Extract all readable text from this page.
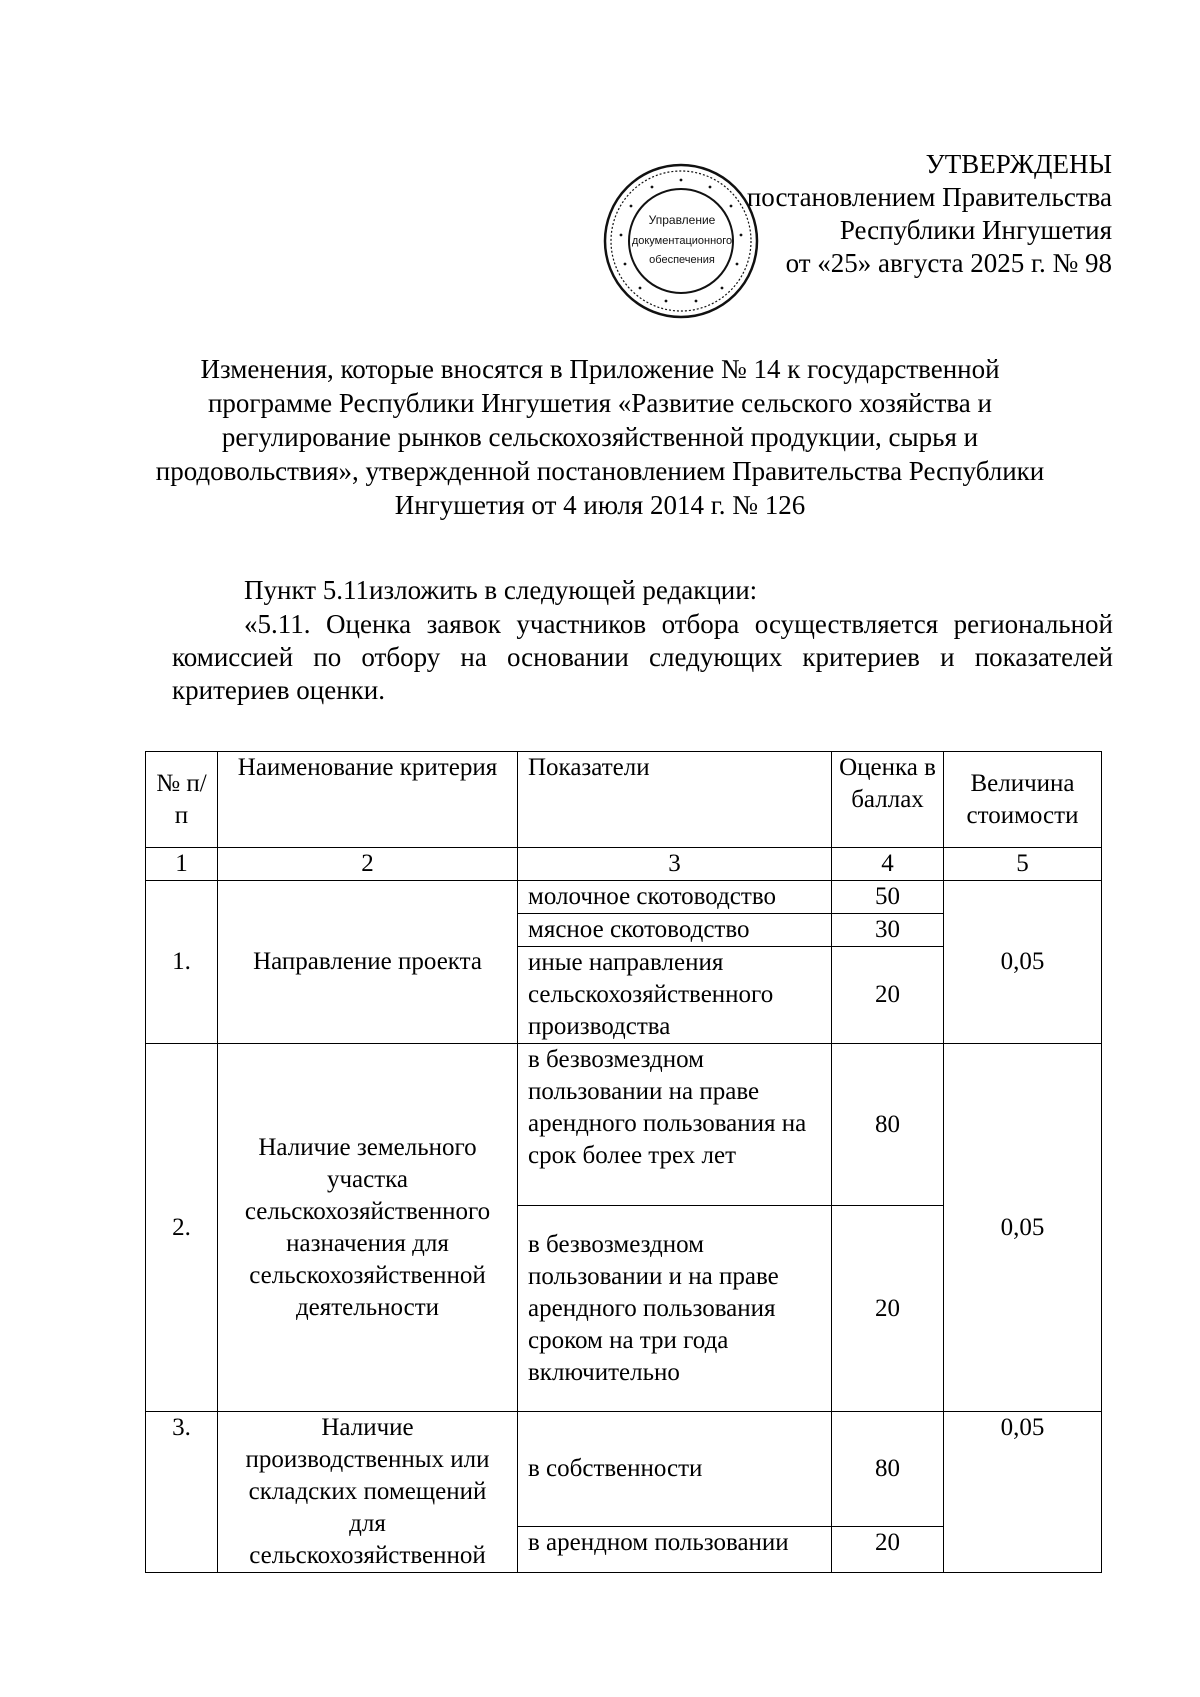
УТВЕРЖДЕНЫ
постановлением Правительства
Республики Ингушетия
от «25» августа 2025 г. № 98
Управление
документационного
обеспечения
Изменения, которые вносятся в Приложение № 14 к государственной
программе Республики Ингушетия «Развитие сельского хозяйства и
регулирование рынков сельскохозяйственной продукции, сырья и
продовольствия», утвержденной постановлением Правительства Республики
Ингушетия от 4 июля 2014 г. № 126
Пункт 5.11изложить в следующей редакции:
«5.11. Оценка заявок участников отбора осуществляется региональной комиссией по отбору на основании следующих критериев и показателей критериев оценки.
№ п/п	Наименование критерия	Показатели	Оценка в баллах	Величина стоимости
1	2	3	4	5
1.	Направление проекта	молочное скотоводство	50	0,05
		мясное скотоводство	30	
		иные направления сельскохозяйственного производства	20	
2.	Наличие земельного участка сельскохозяйственного назначения для сельскохозяйственной деятельности	в безвозмездном пользовании на праве арендного пользования на срок более трех лет	80	0,05
		в безвозмездном пользовании и на праве арендного пользования сроком на три года включительно	20	
3.	Наличие производственных или складских помещений для сельскохозяйственной	в собственности	80	0,05
		в арендном пользовании	20	
